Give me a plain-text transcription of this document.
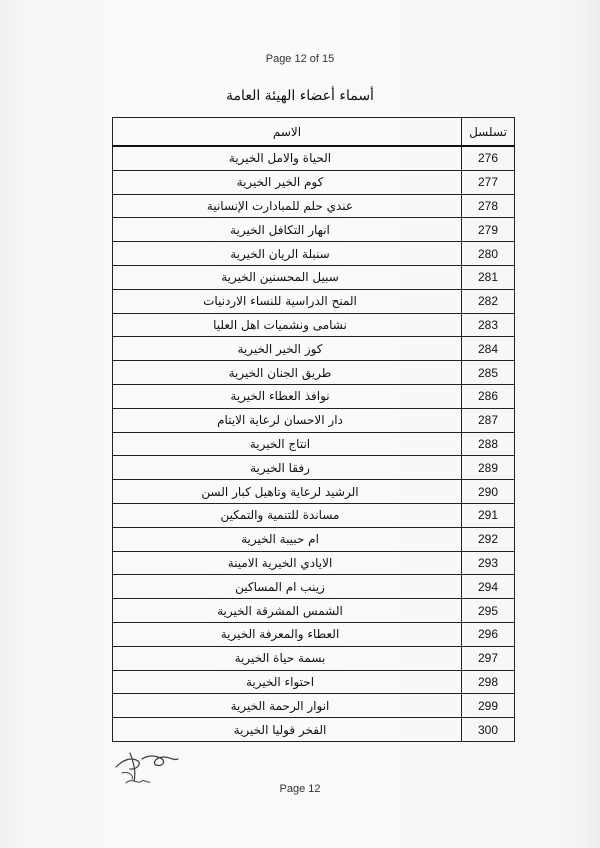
Page 12 of 15
أسماء أعضاء الهيئة العامة
تسلسل	الاسم
276	الحياة والامل الخيرية
277	كوم الخير الخيرية
278	عندي حلم للمبادارت الإنسانية
279	انهار التكافل الخيرية
280	سنبلة الريان الخيرية
281	سبيل المحسنين الخيرية
282	المنح الدراسية للنساء الاردنيات
283	نشامى ونشميات اهل العليا
284	كوز الخير الخيرية
285	طريق الجنان الخيرية
286	نوافذ العطاء الخيرية
287	دار الاحسان لرعاية الايتام
288	انتاج الخيرية
289	رفقا الخيرية
290	الرشيد لرعاية وتاهيل كبار السن
291	مساندة للتنمية والتمكين
292	ام حبيبة الخيرية
293	الايادي الخيرية الامينة
294	زينب ام المساكين
295	الشمس المشرقة الخيرية
296	العطاء والمعرفة الخيرية
297	بسمة حياة الخيرية
298	احتواء الخيرية
299	انوار الرحمة الخيرية
300	الفخر قوليا الخيرية
Page 12
